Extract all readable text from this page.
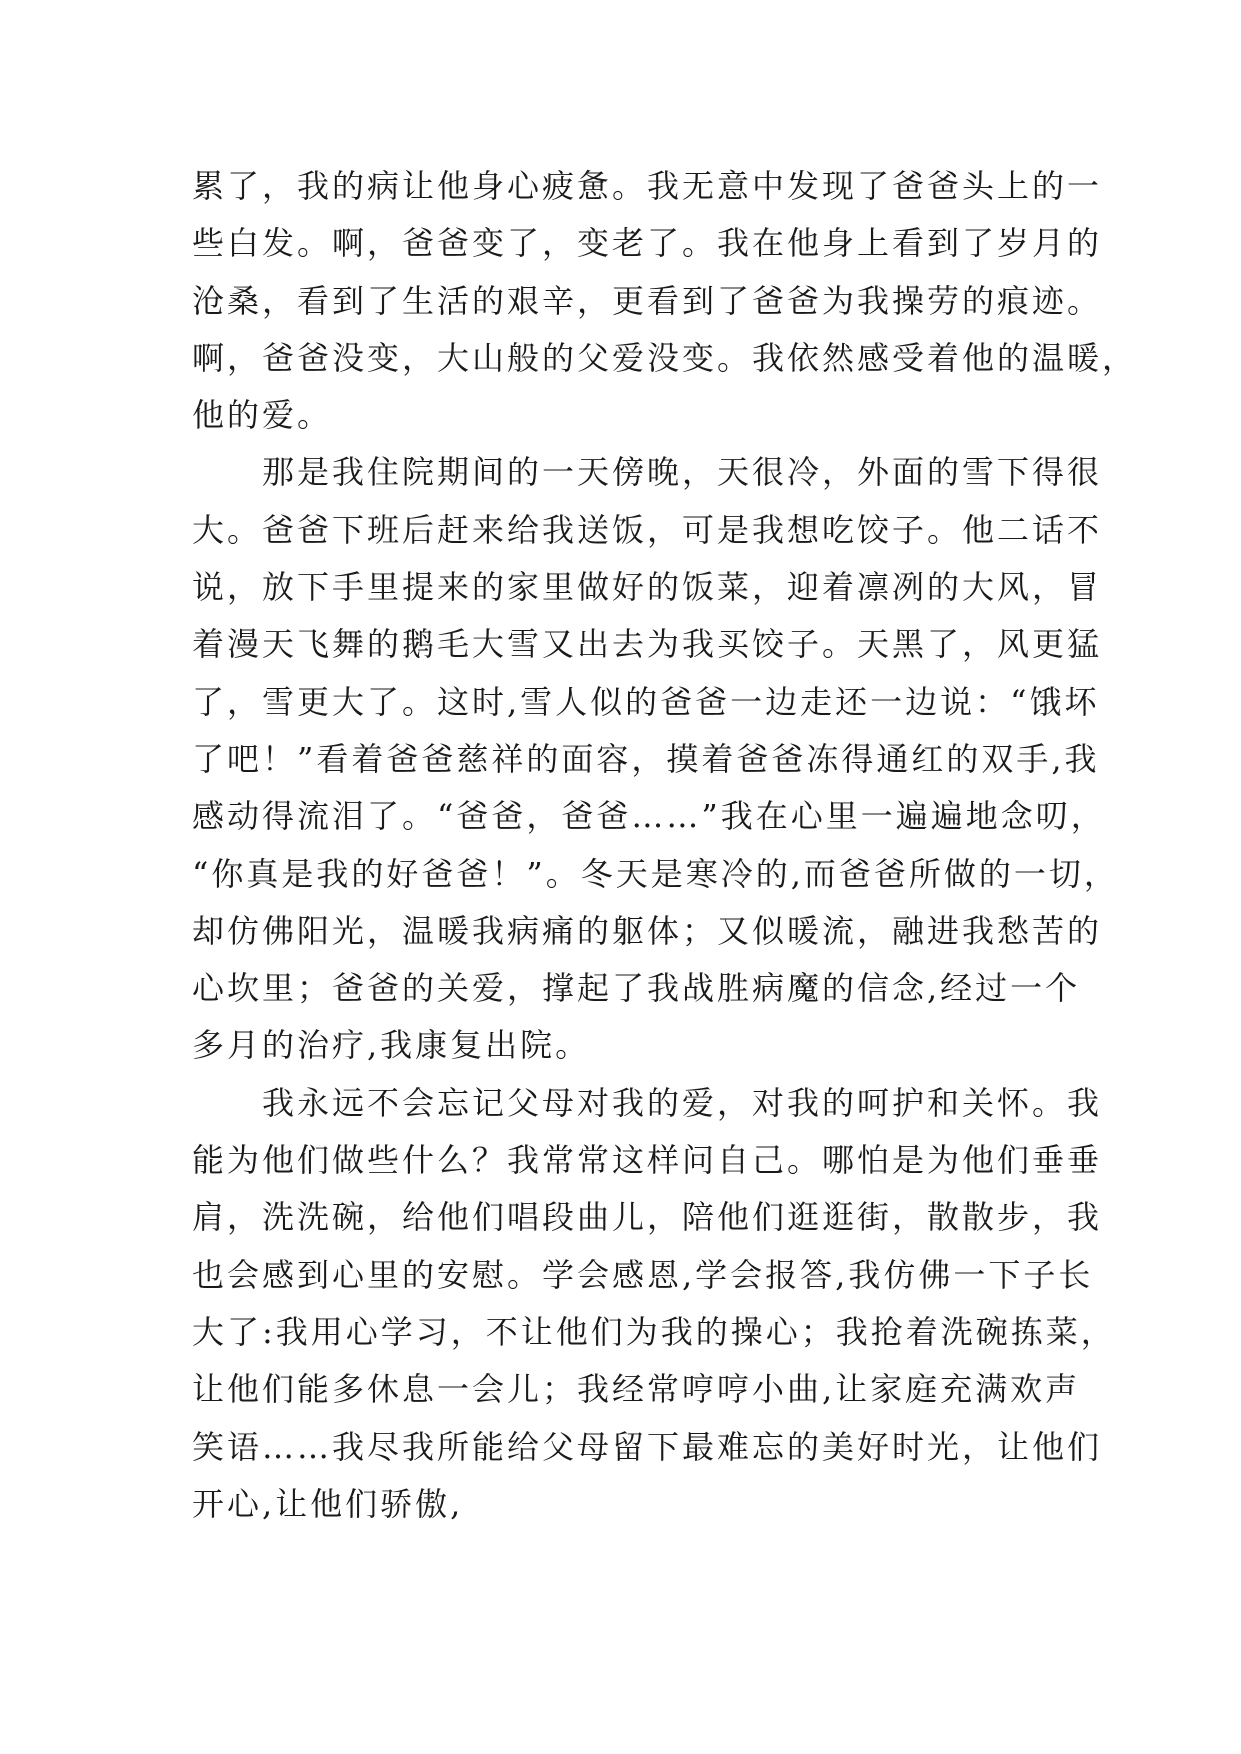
累了，我的病让他身心疲惫。我无意中发现了爸爸头上的一
些白发。啊，爸爸变了，变老了。我在他身上看到了岁月的
沧桑，看到了生活的艰辛，更看到了爸爸为我操劳的痕迹。
啊，爸爸没变，大山般的父爱没变。我依然感受着他的温暖，
他的爱。
　　那是我住院期间的一天傍晚，天很冷，外面的雪下得很
大。爸爸下班后赶来给我送饭，可是我想吃饺子。他二话不
说，放下手里提来的家里做好的饭菜，迎着凛冽的大风，冒
着漫天飞舞的鹅毛大雪又出去为我买饺子。天黑了，风更猛
了，雪更大了。这时,雪人似的爸爸一边走还一边说：“饿坏
了吧！”看着爸爸慈祥的面容，摸着爸爸冻得通红的双手,我
感动得流泪了。“爸爸，爸爸……”我在心里一遍遍地念叨，
“你真是我的好爸爸！”。冬天是寒冷的,而爸爸所做的一切，
却仿佛阳光，温暖我病痛的躯体；又似暖流，融进我愁苦的
心坎里；爸爸的关爱，撑起了我战胜病魔的信念,经过一个
多月的治疗,我康复出院。
　　我永远不会忘记父母对我的爱，对我的呵护和关怀。我
能为他们做些什么？我常常这样问自己。哪怕是为他们垂垂
肩，洗洗碗，给他们唱段曲儿，陪他们逛逛街，散散步，我
也会感到心里的安慰。学会感恩,学会报答,我仿佛一下子长
大了:我用心学习，不让他们为我的操心；我抢着洗碗拣菜，
让他们能多休息一会儿；我经常哼哼小曲,让家庭充满欢声
笑语……我尽我所能给父母留下最难忘的美好时光，让他们
开心,让他们骄傲,
